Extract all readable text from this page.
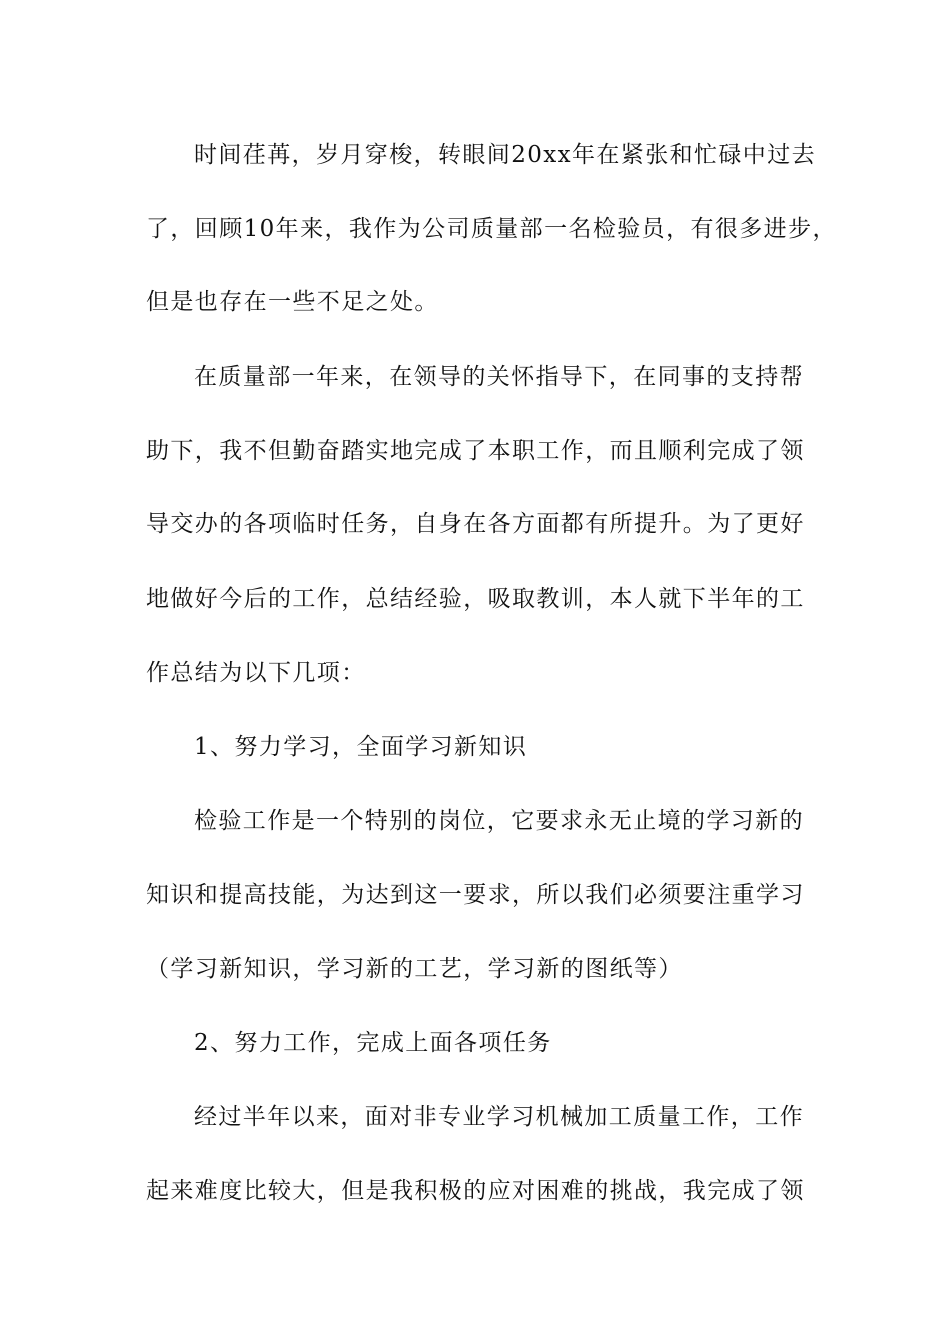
时间荏苒，岁月穿梭，转眼间20xx年在紧张和忙碌中过去
了，回顾10年来，我作为公司质量部一名检验员，有很多进步，
但是也存在一些不足之处。
在质量部一年来，在领导的关怀指导下，在同事的支持帮
助下，我不但勤奋踏实地完成了本职工作，而且顺利完成了领
导交办的各项临时任务，自身在各方面都有所提升。为了更好
地做好今后的工作，总结经验，吸取教训，本人就下半年的工
作总结为以下几项：
1、努力学习，全面学习新知识
检验工作是一个特别的岗位，它要求永无止境的学习新的
知识和提高技能，为达到这一要求，所以我们必须要注重学习
（学习新知识，学习新的工艺，学习新的图纸等）
2、努力工作，完成上面各项任务
经过半年以来，面对非专业学习机械加工质量工作，工作
起来难度比较大，但是我积极的应对困难的挑战，我完成了领
